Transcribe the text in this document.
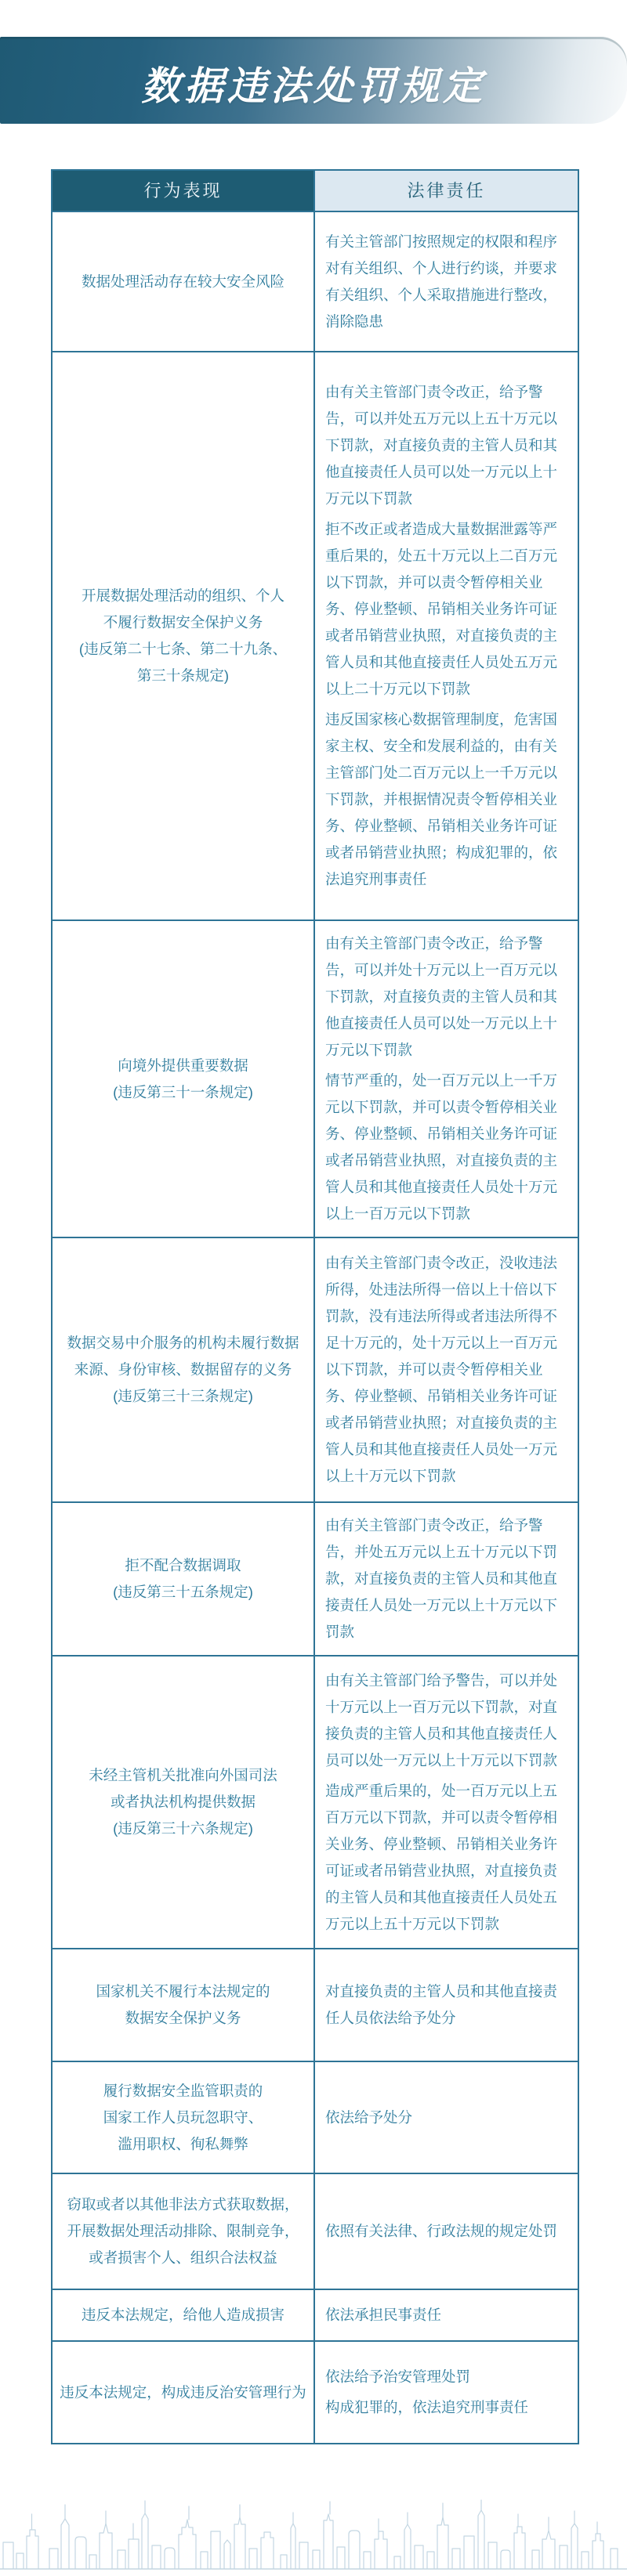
数据违法处罚规定
行为表现	法律责任
数据处理活动存在较大安全风险
有关主管部门按照规定的权限和程序对有关组织、个人进行约谈，并要求有关组织、个人采取措施进行整改，消除隐患
开展数据处理活动的组织、个人
不履行数据安全保护义务
(违反第二十七条、第二十九条、
第三十条规定)
由有关主管部门责令改正，给予警告，可以并处五万元以上五十万元以下罚款，对直接负责的主管人员和其他直接责任人员可以处一万元以上十万元以下罚款
拒不改正或者造成大量数据泄露等严重后果的，处五十万元以上二百万元以下罚款，并可以责令暂停相关业务、停业整顿、吊销相关业务许可证或者吊销营业执照，对直接负责的主管人员和其他直接责任人员处五万元以上二十万元以下罚款
违反国家核心数据管理制度，危害国家主权、安全和发展利益的，由有关主管部门处二百万元以上一千万元以下罚款，并根据情况责令暂停相关业务、停业整顿、吊销相关业务许可证或者吊销营业执照；构成犯罪的，依法追究刑事责任
向境外提供重要数据
(违反第三十一条规定)
由有关主管部门责令改正，给予警告，可以并处十万元以上一百万元以下罚款，对直接负责的主管人员和其他直接责任人员可以处一万元以上十万元以下罚款
情节严重的，处一百万元以上一千万元以下罚款，并可以责令暂停相关业务、停业整顿、吊销相关业务许可证或者吊销营业执照，对直接负责的主管人员和其他直接责任人员处十万元以上一百万元以下罚款
数据交易中介服务的机构未履行数据
来源、身份审核、数据留存的义务
(违反第三十三条规定)
由有关主管部门责令改正，没收违法所得，处违法所得一倍以上十倍以下罚款，没有违法所得或者违法所得不足十万元的，处十万元以上一百万元以下罚款，并可以责令暂停相关业务、停业整顿、吊销相关业务许可证或者吊销营业执照；对直接负责的主管人员和其他直接责任人员处一万元以上十万元以下罚款
拒不配合数据调取
(违反第三十五条规定)
由有关主管部门责令改正，给予警告，并处五万元以上五十万元以下罚款，对直接负责的主管人员和其他直接责任人员处一万元以上十万元以下罚款
未经主管机关批准向外国司法
或者执法机构提供数据
(违反第三十六条规定)
由有关主管部门给予警告，可以并处十万元以上一百万元以下罚款，对直接负责的主管人员和其他直接责任人员可以处一万元以上十万元以下罚款
造成严重后果的，处一百万元以上五百万元以下罚款，并可以责令暂停相关业务、停业整顿、吊销相关业务许可证或者吊销营业执照，对直接负责的主管人员和其他直接责任人员处五万元以上五十万元以下罚款
国家机关不履行本法规定的
数据安全保护义务
对直接负责的主管人员和其他直接责任人员依法给予处分
履行数据安全监管职责的
国家工作人员玩忽职守、
滥用职权、徇私舞弊
依法给予处分
窃取或者以其他非法方式获取数据，
开展数据处理活动排除、限制竞争，
或者损害个人、组织合法权益
依照有关法律、行政法规的规定处罚
违反本法规定，给他人造成损害	依法承担民事责任
违反本法规定，构成违反治安管理行为
依法给予治安管理处罚
构成犯罪的，依法追究刑事责任
